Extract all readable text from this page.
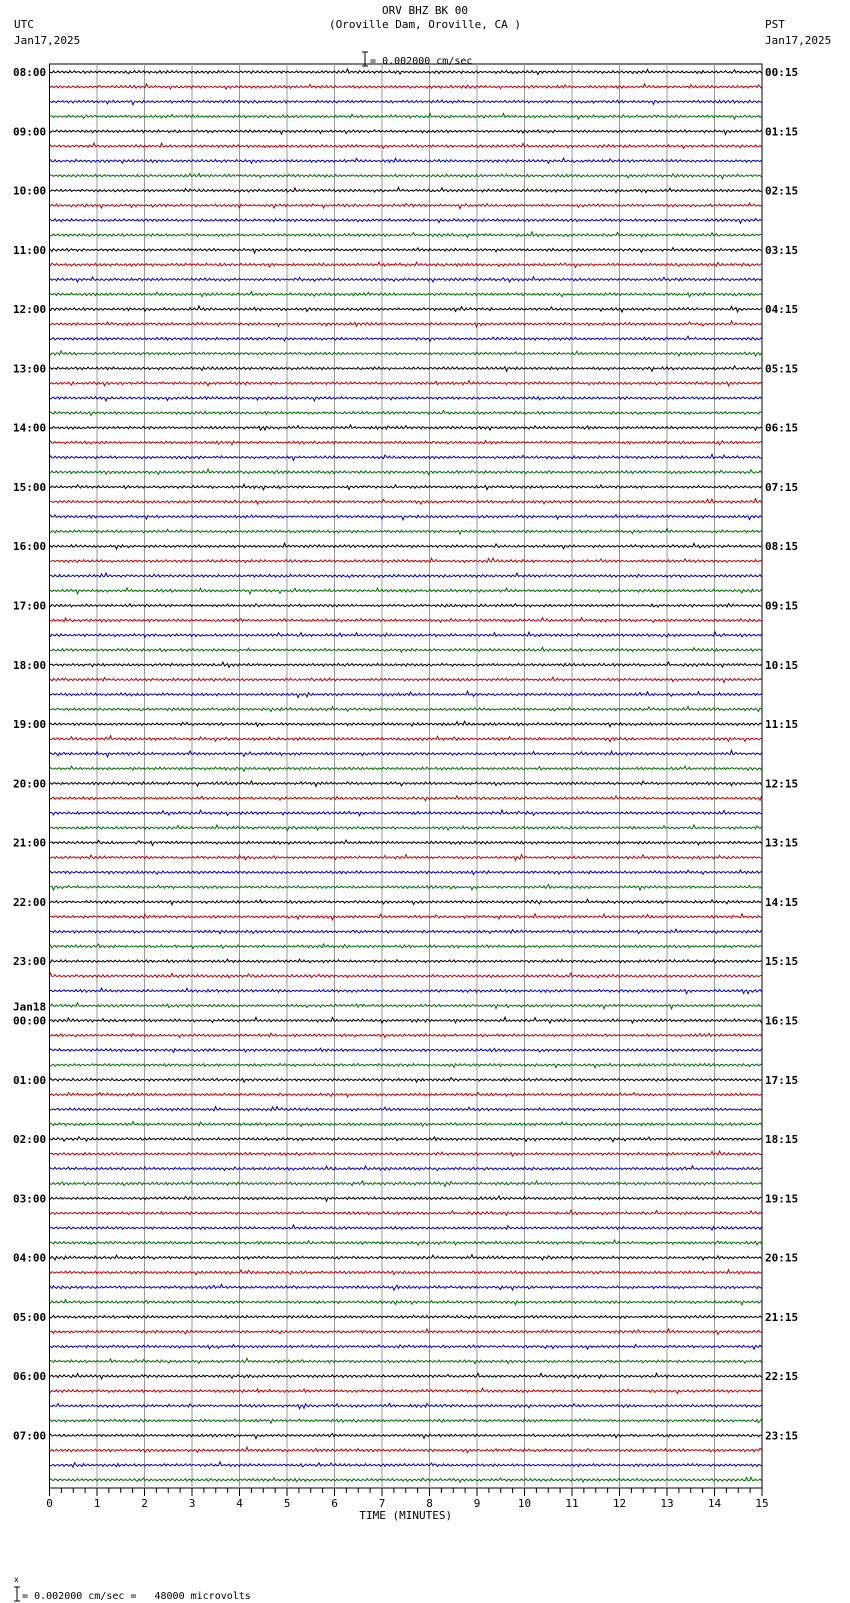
ORV BHZ BK 00
(Oroville Dam, Oroville, CA )
UTC
Jan17,2025
PST
Jan17,2025

= 0.002000 cm/sec

08:00
09:00
10:00
11:00
12:00
13:00
14:00
15:00
16:00
17:00
18:00
19:00
20:00
21:00
22:00
23:00
00:00
Jan18
01:00
02:00
03:00
04:00
05:00
06:00
07:00
00:15
01:15
02:15
03:15
04:15
05:15
06:15
07:15
08:15
09:15
10:15
11:15
12:15
13:15
14:15
15:15
16:15
17:15
18:15
19:15
20:15
21:15
22:15
23:15
0	1	2	3	4	5	6	7	8	9	10	11	12	13	14	15
TIME (MINUTES)

x
= 0.002000 cm/sec =   48000 microvolts
